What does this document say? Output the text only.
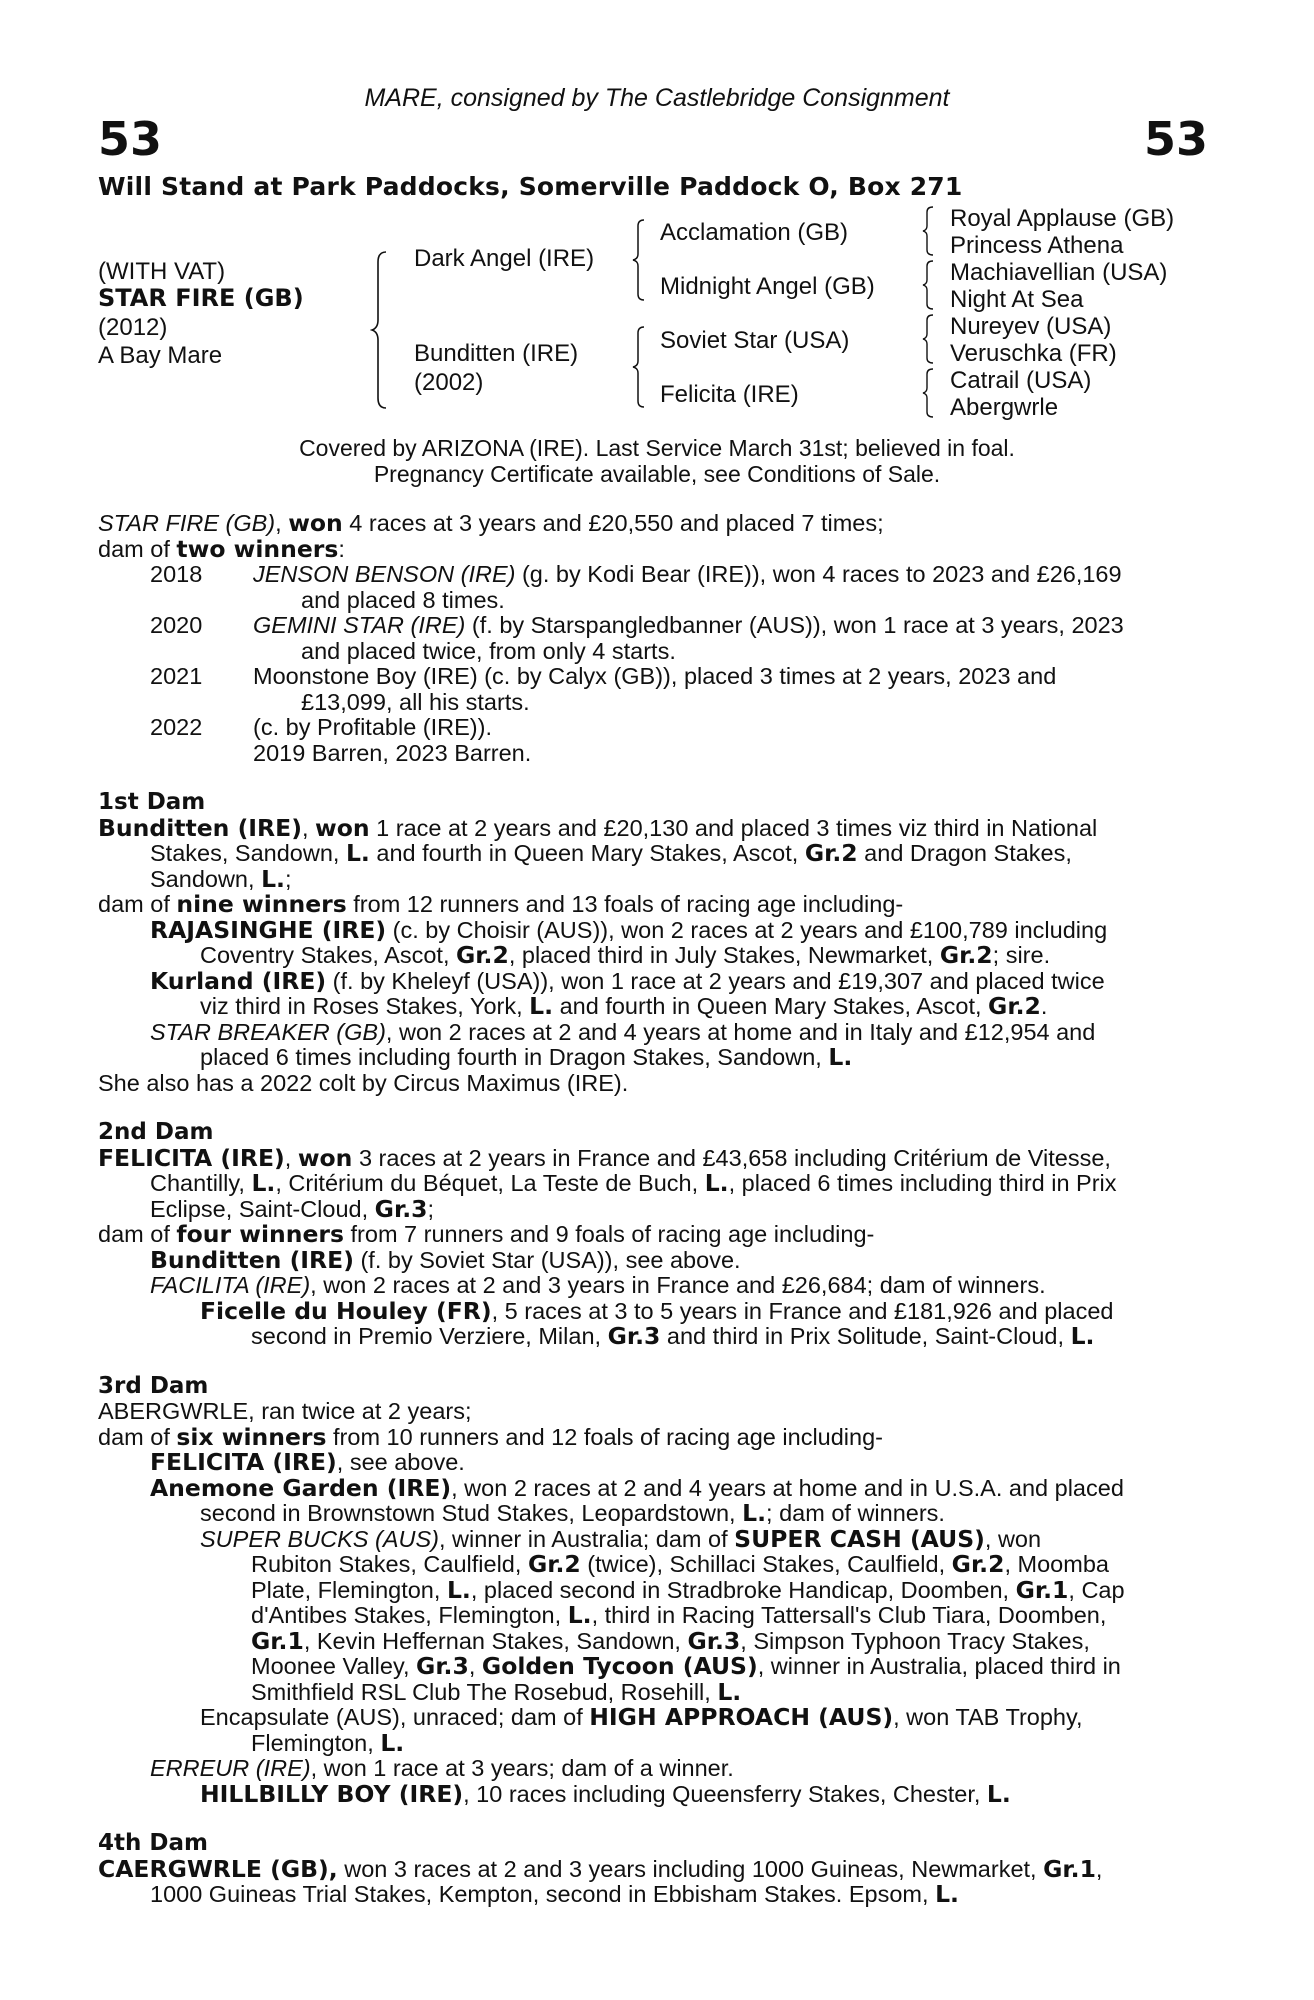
MARE, consigned by The Castlebridge Consignment
53	53
Will Stand at Park Paddocks, Somerville Paddock O, Box 271
(WITH VAT)
STAR FIRE (GB)
(2012)
A Bay Mare
Dark Angel (IRE)
Bunditten (IRE)
(2002)
Acclamation (GB)
Midnight Angel (GB)
Soviet Star (USA)
Felicita (IRE)
Royal Applause (GB)
Princess Athena
Machiavellian (USA)
Night At Sea
Nureyev (USA)
Veruschka (FR)
Catrail (USA)
Abergwrle
Covered by ARIZONA (IRE). Last Service March 31st; believed in foal.
Pregnancy Certificate available, see Conditions of Sale.
STAR FIRE (GB), won 4 races at 3 years and £20,550 and placed 7 times;
dam of two winners:
2018	JENSON BENSON (IRE) (g. by Kodi Bear (IRE)), won 4 races to 2023 and £26,169
and placed 8 times.
2020	GEMINI STAR (IRE) (f. by Starspangledbanner (AUS)), won 1 race at 3 years, 2023
and placed twice, from only 4 starts.
2021	Moonstone Boy (IRE) (c. by Calyx (GB)), placed 3 times at 2 years, 2023 and
£13,099, all his starts.
2022	(c. by Profitable (IRE)).
2019 Barren, 2023 Barren.
1st Dam
Bunditten (IRE), won 1 race at 2 years and £20,130 and placed 3 times viz third in National
Stakes, Sandown, L. and fourth in Queen Mary Stakes, Ascot, Gr.2 and Dragon Stakes,
Sandown, L.;
dam of nine winners from 12 runners and 13 foals of racing age including-
RAJASINGHE (IRE) (c. by Choisir (AUS)), won 2 races at 2 years and £100,789 including
Coventry Stakes, Ascot, Gr.2, placed third in July Stakes, Newmarket, Gr.2; sire.
Kurland (IRE) (f. by Kheleyf (USA)), won 1 race at 2 years and £19,307 and placed twice
viz third in Roses Stakes, York, L. and fourth in Queen Mary Stakes, Ascot, Gr.2.
STAR BREAKER (GB), won 2 races at 2 and 4 years at home and in Italy and £12,954 and
placed 6 times including fourth in Dragon Stakes, Sandown, L.
She also has a 2022 colt by Circus Maximus (IRE).
2nd Dam
FELICITA (IRE), won 3 races at 2 years in France and £43,658 including Critérium de Vitesse,
Chantilly, L., Critérium du Béquet, La Teste de Buch, L., placed 6 times including third in Prix
Eclipse, Saint-Cloud, Gr.3;
dam of four winners from 7 runners and 9 foals of racing age including-
Bunditten (IRE) (f. by Soviet Star (USA)), see above.
FACILITA (IRE), won 2 races at 2 and 3 years in France and £26,684; dam of winners.
Ficelle du Houley (FR), 5 races at 3 to 5 years in France and £181,926 and placed
second in Premio Verziere, Milan, Gr.3 and third in Prix Solitude, Saint-Cloud, L.
3rd Dam
ABERGWRLE, ran twice at 2 years;
dam of six winners from 10 runners and 12 foals of racing age including-
FELICITA (IRE), see above.
Anemone Garden (IRE), won 2 races at 2 and 4 years at home and in U.S.A. and placed
second in Brownstown Stud Stakes, Leopardstown, L.; dam of winners.
SUPER BUCKS (AUS), winner in Australia; dam of SUPER CASH (AUS), won
Rubiton Stakes, Caulfield, Gr.2 (twice), Schillaci Stakes, Caulfield, Gr.2, Moomba
Plate, Flemington, L., placed second in Stradbroke Handicap, Doomben, Gr.1, Cap
d'Antibes Stakes, Flemington, L., third in Racing Tattersall's Club Tiara, Doomben,
Gr.1, Kevin Heffernan Stakes, Sandown, Gr.3, Simpson Typhoon Tracy Stakes,
Moonee Valley, Gr.3, Golden Tycoon (AUS), winner in Australia, placed third in
Smithfield RSL Club The Rosebud, Rosehill, L.
Encapsulate (AUS), unraced; dam of HIGH APPROACH (AUS), won TAB Trophy,
Flemington, L.
ERREUR (IRE), won 1 race at 3 years; dam of a winner.
HILLBILLY BOY (IRE), 10 races including Queensferry Stakes, Chester, L.
4th Dam
CAERGWRLE (GB), won 3 races at 2 and 3 years including 1000 Guineas, Newmarket, Gr.1,
1000 Guineas Trial Stakes, Kempton, second in Ebbisham Stakes. Epsom, L.
